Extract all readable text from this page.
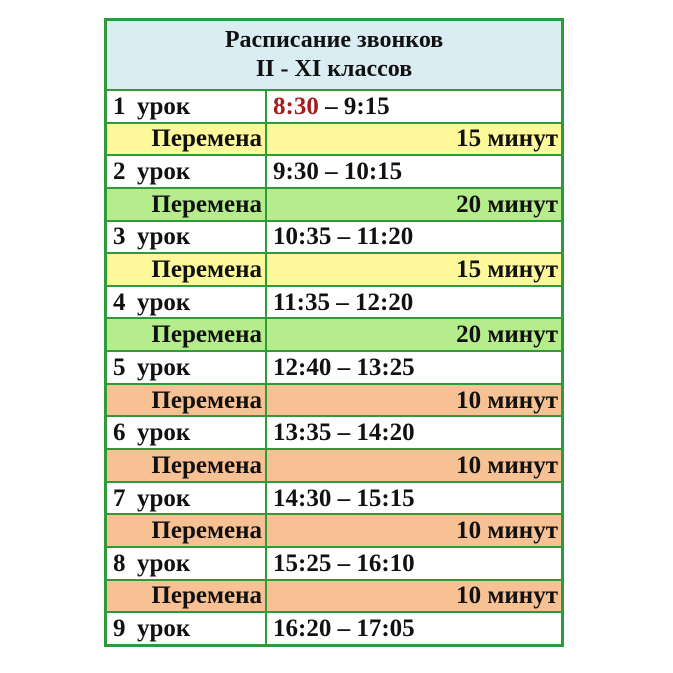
Расписание звонков
II - XI классов
1 урок	8:30 – 9:15
Перемена	15 минут
2 урок	9:30 – 10:15
Перемена	20 минут
3 урок	10:35 – 11:20
Перемена	15 минут
4 урок	11:35 – 12:20
Перемена	20 минут
5 урок	12:40 – 13:25
Перемена	10 минут
6 урок	13:35 – 14:20
Перемена	10 минут
7 урок	14:30 – 15:15
Перемена	10 минут
8 урок	15:25 – 16:10
Перемена	10 минут
9 урок	16:20 – 17:05
